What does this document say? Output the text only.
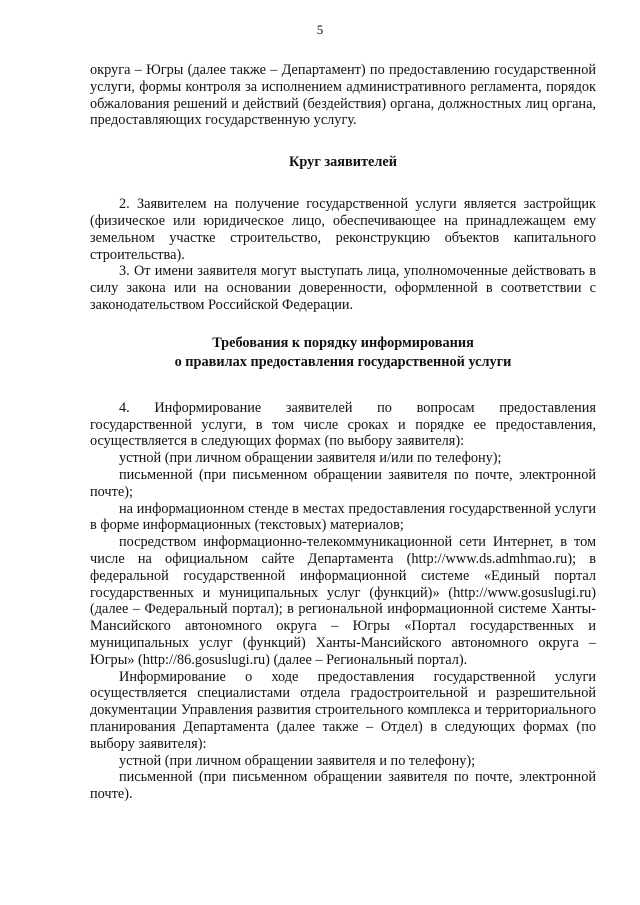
5

округа – Югры (далее также – Департамент) по предоставлению государственной услуги, формы контроля за исполнением административного регламента, порядок обжалования решений и действий (бездействия) органа, должностных лиц органа, предоставляющих государственную услугу.

Круг заявителей

2. Заявителем на получение государственной услуги является застройщик (физическое или юридическое лицо, обеспечивающее на принадлежащем ему земельном участке строительство, реконструкцию объектов капитального строительства).

3. От имени заявителя могут выступать лица, уполномоченные действовать в силу закона или на основании доверенности, оформленной в соответствии с законодательством Российской Федерации.

Требования к порядку информирования
о правилах предоставления государственной услуги

4. Информирование заявителей по вопросам предоставления государственной услуги, в том числе сроках и порядке ее предоставления, осуществляется в следующих формах (по выбору заявителя):

устной (при личном обращении заявителя и/или по телефону);

письменной (при письменном обращении заявителя по почте, электронной почте);

на информационном стенде в местах предоставления государственной услуги в форме информационных (текстовых) материалов;

посредством информационно-телекоммуникационной сети Интернет, в том числе на официальном сайте Департамента (http://www.ds.admhmao.ru); в федеральной государственной информационной системе «Единый портал государственных и муниципальных услуг (функций)» (http://www.gosuslugi.ru) (далее – Федеральный портал); в региональной информационной системе Ханты-Мансийского автономного округа – Югры «Портал государственных и муниципальных услуг (функций) Ханты-Мансийского автономного округа – Югры» (http://86.gosuslugi.ru) (далее – Региональный портал).

Информирование о ходе предоставления государственной услуги осуществляется специалистами отдела градостроительной и разрешительной документации Управления развития строительного комплекса и территориального планирования Департамента (далее также – Отдел) в следующих формах (по выбору заявителя):

устной (при личном обращении заявителя и по телефону);

письменной (при письменном обращении заявителя по почте, электронной почте).
